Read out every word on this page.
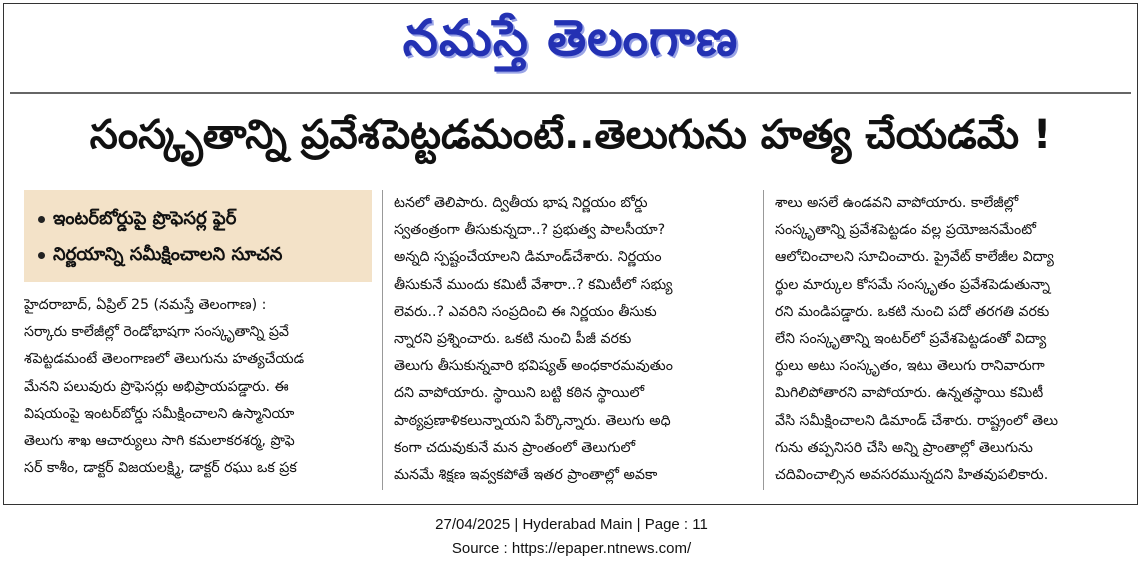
నమస్తే తెలంగాణ
సంస్కృతాన్ని ప్రవేశపెట్టడమంటే..తెలుగును హత్య చేయడమే !
ఇంటర్‌బోర్డుపై ప్రొఫెసర్ల ఫైర్
నిర్ణయాన్ని సమీక్షించాలని సూచన
హైదరాబాద్, ఏప్రిల్ 25 (నమస్తే తెలంగాణ) :
సర్కారు కాలేజీల్లో రెండోభాషగా సంస్కృతాన్ని ప్రవే
శపెట్టడమంటే తెలంగాణలో తెలుగును హత్యచేయడ
మేనని పలువురు ప్రొఫెసర్లు అభిప్రాయపడ్డారు. ఈ
విషయంపై ఇంటర్‌బోర్డు సమీక్షించాలని ఉస్మానియా
తెలుగు శాఖ ఆచార్యులు సాగి కమలాకరశర్మ, ప్రొఫె
సర్ కాశీం, డాక్టర్ విజయలక్ష్మి, డాక్టర్ రఘు ఒక ప్రక
టనలో తెలిపారు. ద్వితీయ భాష నిర్ణయం బోర్డు
స్వతంత్రంగా తీసుకున్నదా..? ప్రభుత్వ పాలసీయా?
అన్నది స్పష్టంచేయాలని డిమాండ్‌చేశారు. నిర్ణయం
తీసుకునే ముందు కమిటీ వేశారా..? కమిటీలో సభ్యు
లెవరు..? ఎవరిని సంప్రదించి ఈ నిర్ణయం తీసుకు
న్నారని ప్రశ్నించారు. ఒకటి నుంచి పీజీ వరకు
తెలుగు తీసుకున్నవారి భవిష్యత్ అంధకారమవుతుం
దని వాపోయారు. స్థాయిని బట్టి కఠిన స్థాయిలో
పాఠ్యప్రణాళికలున్నాయని పేర్కొన్నారు. తెలుగు అధి
కంగా చదువుకునే మన ప్రాంతంలో తెలుగులో
మనమే శిక్షణ ఇవ్వకపోతే ఇతర ప్రాంతాల్లో అవకా
శాలు అసలే ఉండవని వాపోయారు. కాలేజీల్లో
సంస్కృతాన్ని ప్రవేశపెట్టడం వల్ల ప్రయోజనమేంటో
ఆలోచించాలని సూచించారు. ప్రైవేట్ కాలేజీల విద్యా
ర్థుల మార్కుల కోసమే సంస్కృతం ప్రవేశపెడుతున్నా
రని మండిపడ్డారు. ఒకటి నుంచి పదో తరగతి వరకు
లేని సంస్కృతాన్ని ఇంటర్‌లో ప్రవేశపెట్టడంతో విద్యా
ర్థులు అటు సంస్కృతం, ఇటు తెలుగు రానివారుగా
మిగిలిపోతారని వాపోయారు. ఉన్నతస్థాయి కమిటీ
వేసి సమీక్షించాలని డిమాండ్ చేశారు. రాష్ట్రంలో తెలు
గును తప్పనిసరి చేసి అన్ని ప్రాంతాల్లో తెలుగును
చదివించాల్సిన అవసరమున్నదని హితవుపలికారు.
27/04/2025 | Hyderabad Main | Page : 11
Source : https://epaper.ntnews.com/
